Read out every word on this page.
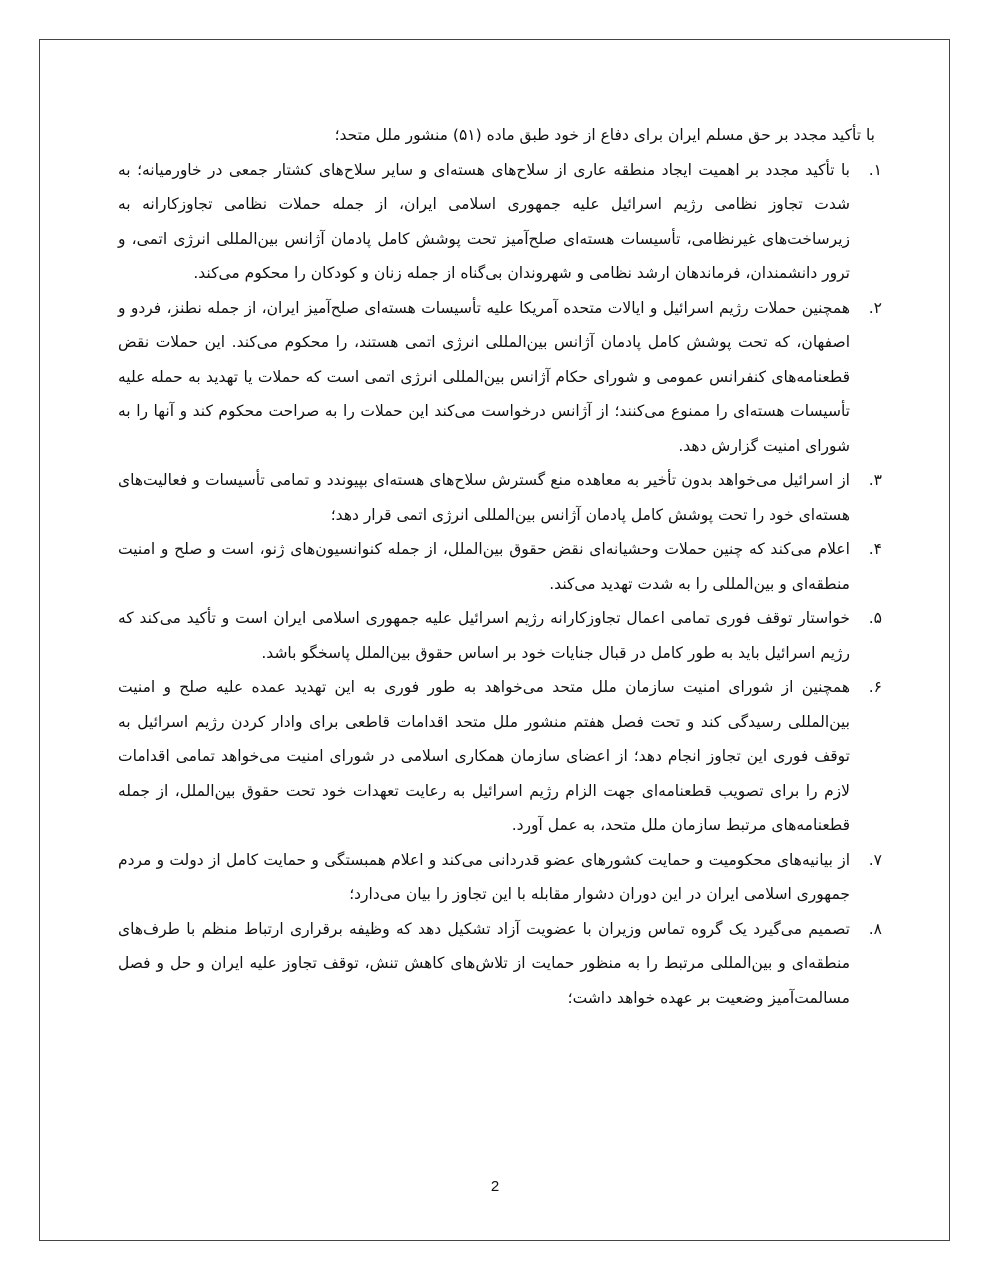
با تأکید مجدد بر حق مسلم ایران برای دفاع از خود طبق ماده (۵۱) منشور ملل متحد؛

۱.
با تأکید مجدد بر اهمیت ایجاد منطقه عاری از سلاح‌های هسته‌ای و سایر سلاح‌های کشتار جمعی در خاورمیانه؛ به شدت تجاوز نظامی رژیم اسرائیل علیه جمهوری اسلامی ایران، از جمله حملات نظامی تجاوزکارانه به زیرساخت‌های غیرنظامی، تأسیسات هسته‌ای صلح‌آمیز تحت پوشش کامل پادمان آژانس بین‌المللی انرژی اتمی، و ترور دانشمندان، فرماندهان ارشد نظامی و شهروندان بی‌گناه از جمله زنان و کودکان را محکوم می‌کند.
۲.
همچنین حملات رژیم اسرائیل و ایالات متحده آمریکا علیه تأسیسات هسته‌ای صلح‌آمیز ایران، از جمله نطنز، فردو و اصفهان، که تحت پوشش کامل پادمان آژانس بین‌المللی انرژی اتمی هستند، را محکوم می‌کند. این حملات نقض قطعنامه‌های کنفرانس عمومی و شورای حکام آژانس بین‌المللی انرژی اتمی است که حملات یا تهدید به حمله علیه تأسیسات هسته‌ای را ممنوع می‌کنند؛ از آژانس درخواست می‌کند این حملات را به صراحت محکوم کند و آنها را به شورای امنیت گزارش دهد.
۳.
از اسرائیل می‌خواهد بدون تأخیر به معاهده منع گسترش سلاح‌های هسته‌ای بپیوندد و تمامی تأسیسات و فعالیت‌های هسته‌ای خود را تحت پوشش کامل پادمان آژانس بین‌المللی انرژی اتمی قرار دهد؛
۴.
اعلام می‌کند که چنین حملات وحشیانه‌ای نقض حقوق بین‌الملل، از جمله کنوانسیون‌های ژنو، است و صلح و امنیت منطقه‌ای و بین‌المللی را به شدت تهدید می‌کند.
۵.
خواستار توقف فوری تمامی اعمال تجاوزکارانه رژیم اسرائیل علیه جمهوری اسلامی ایران است و تأکید می‌کند که رژیم اسرائیل باید به طور کامل در قبال جنایات خود بر اساس حقوق بین‌الملل پاسخگو باشد.
۶.
همچنین از شورای امنیت سازمان ملل متحد می‌خواهد به طور فوری به این تهدید عمده علیه صلح و امنیت بین‌المللی رسیدگی کند و تحت فصل هفتم منشور ملل متحد اقدامات قاطعی برای وادار کردن رژیم اسرائیل به توقف فوری این تجاوز انجام دهد؛ از اعضای سازمان همکاری اسلامی در شورای امنیت می‌خواهد تمامی اقدامات لازم را برای تصویب قطعنامه‌ای جهت الزام رژیم اسرائیل به رعایت تعهدات خود تحت حقوق بین‌الملل، از جمله قطعنامه‌های مرتبط سازمان ملل متحد، به عمل آورد.
۷.
از بیانیه‌های محکومیت و حمایت کشورهای عضو قدردانی می‌کند و اعلام همبستگی و حمایت کامل از دولت و مردم جمهوری اسلامی ایران در این دوران دشوار مقابله با این تجاوز را بیان می‌دارد؛
۸.
تصمیم می‌گیرد یک گروه تماس وزیران با عضویت آزاد تشکیل دهد که وظیفه برقراری ارتباط منظم با طرف‌های منطقه‌ای و بین‌المللی مرتبط را به منظور حمایت از تلاش‌های کاهش تنش، توقف تجاوز علیه ایران و حل و فصل مسالمت‌آمیز وضعیت بر عهده خواهد داشت؛
2
